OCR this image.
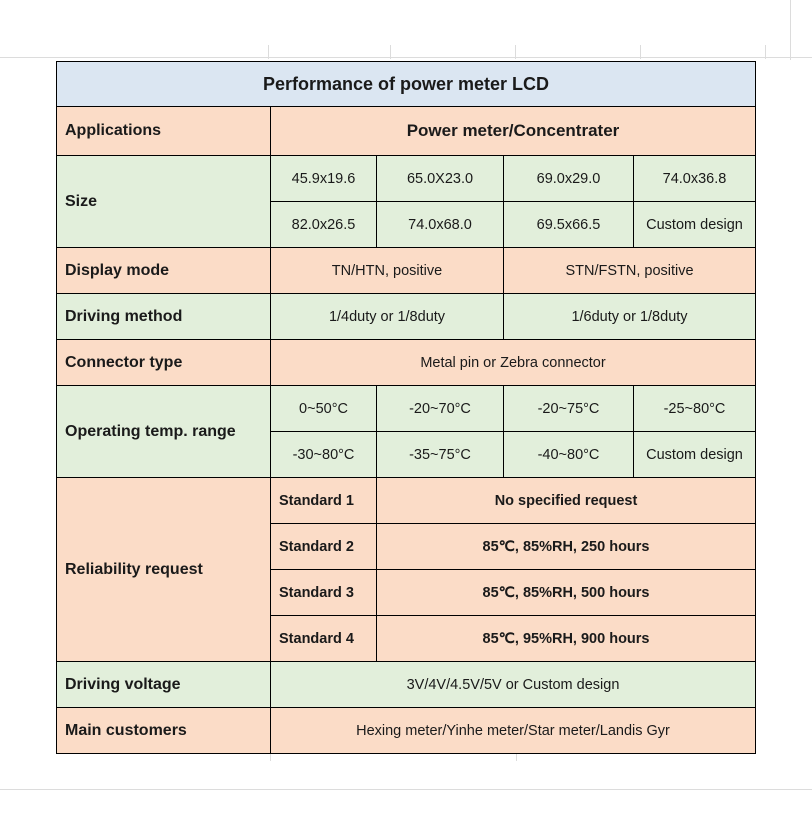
Performance of power meter LCD
Applications	Power meter/Concentrater
Size
45.9x19.6	65.0X23.0	69.0x29.0	74.0x36.8
82.0x26.5	74.0x68.0	69.5x66.5	Custom design
Display mode	TN/HTN, positive	STN/FSTN, positive
Driving method	1/4duty or 1/8duty	1/6duty or 1/8duty
Connector type	Metal pin or Zebra connector
Operating temp. range
0~50°C	-20~70°C	-20~75°C	-25~80°C
-30~80°C	-35~75°C	-40~80°C	Custom design
Reliability request
Standard 1	No specified request
Standard 2	85℃, 85%RH, 250 hours
Standard 3	85℃, 85%RH, 500 hours
Standard 4	85℃, 95%RH, 900 hours
Driving voltage	3V/4V/4.5V/5V or Custom design
Main customers	Hexing meter/Yinhe meter/Star meter/Landis Gyr
